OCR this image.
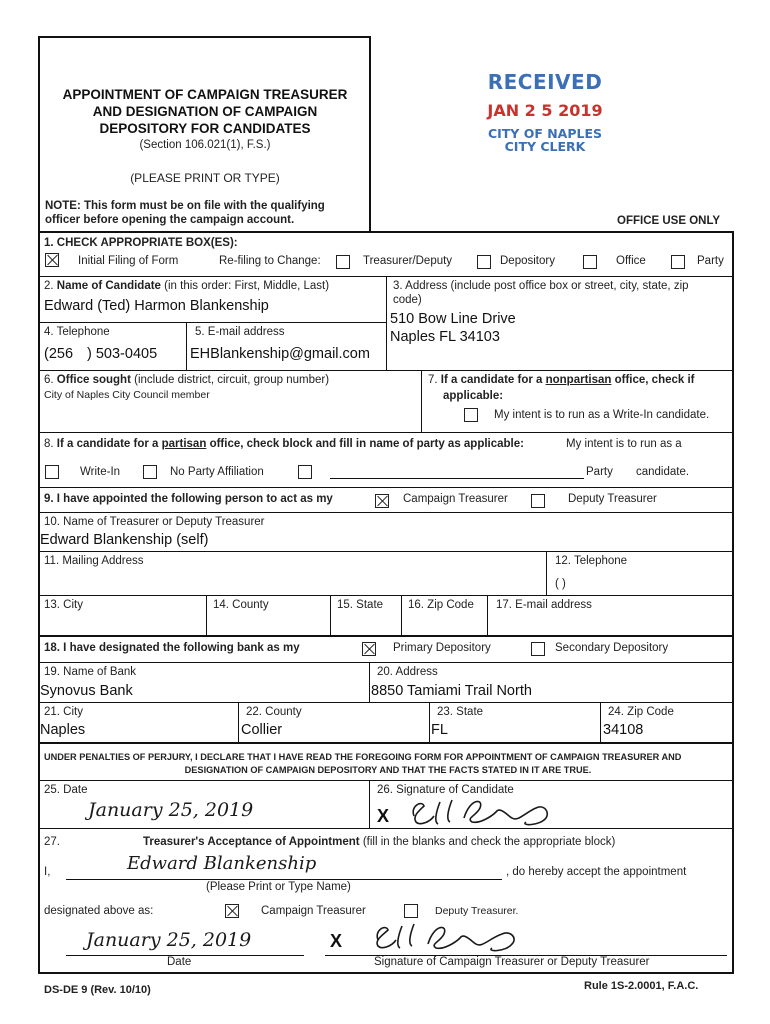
APPOINTMENT OF CAMPAIGN TREASURER
AND DESIGNATION OF CAMPAIGN
DEPOSITORY FOR CANDIDATES
(Section 106.021(1), F.S.)
(PLEASE PRINT OR TYPE)
NOTE: This form must be on file with the qualifying
officer before opening the campaign account.	OFFICE USE ONLY
RECEIVED
JAN 2 5 2019
CITY OF NAPLES
CITY CLERK
1. CHECK APPROPRIATE BOX(ES):
Initial Filing of Form	Re-filing to Change:	Treasurer/Deputy	Depository	Office	Party
2. Name of Candidate (in this order: First, Middle, Last)
Edward (Ted) Harmon Blankenship
3. Address (include post office box or street, city, state, zip
code)
510 Bow Line Drive
Naples FL 34103
4. Telephone
(256 ) 503-0405
5. E-mail address
EHBlankenship@gmail.com
6. Office sought (include district, circuit, group number)
City of Naples City Council member
7. If a candidate for a nonpartisan office, check if
applicable:
My intent is to run as a Write-In candidate.
8. If a candidate for a partisan office, check block and fill in name of party as applicable:	My intent is to run as a
Write-In	No Party Affiliation	Party candidate.
9. I have appointed the following person to act as my	Campaign Treasurer	Deputy Treasurer
10. Name of Treasurer or Deputy Treasurer
Edward Blankenship (self)
11. Mailing Address	12. Telephone
( )
13. City	14. County	15. State 16. Zip Code 17. E-mail address
18. I have designated the following bank as my	Primary Depository	Secondary Depository
19. Name of Bank
Synovus Bank
20. Address
8850 Tamiami Trail North
21. City
Naples
22. County
Collier
23. State
FL
24. Zip Code
34108
UNDER PENALTIES OF PERJURY, I DECLARE THAT I HAVE READ THE FOREGOING FORM FOR APPOINTMENT OF CAMPAIGN TREASURER AND
DESIGNATION OF CAMPAIGN DEPOSITORY AND THAT THE FACTS STATED IN IT ARE TRUE.
25. Date
January 25, 2019
26. Signature of Candidate
X
27.	Treasurer's Acceptance of Appointment (fill in the blanks and check the appropriate block)
I,	Edward Blankenship	, do hereby accept the appointment
(Please Print or Type Name)
designated above as:	Campaign Treasurer	Deputy Treasurer.
January 25, 2019
Date
X
Signature of Campaign Treasurer or Deputy Treasurer
DS-DE 9 (Rev. 10/10)	Rule 1S-2.0001, F.A.C.
